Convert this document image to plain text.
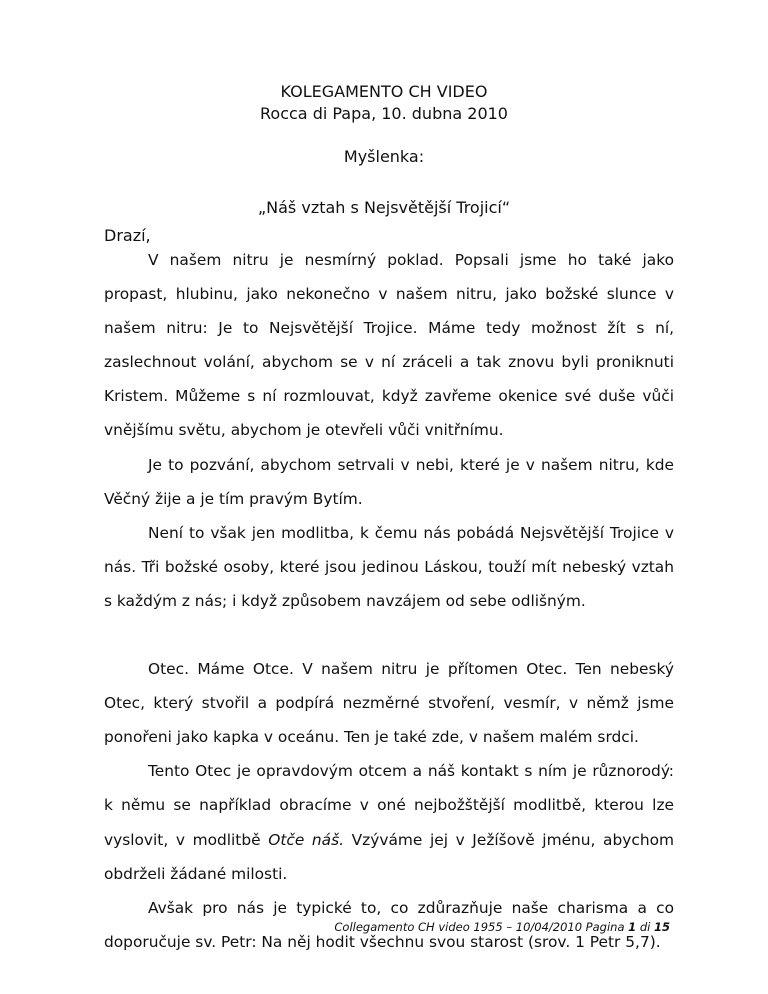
KOLEGAMENTO CH VIDEO
Rocca di Papa, 10. dubna 2010
Myšlenka:
„Náš vztah s Nejsvětější Trojicí“
Drazí,

V našem nitru je nesmírný poklad. Popsali jsme ho také jako propast, hlubinu, jako nekonečno v našem nitru, jako božské slunce v našem nitru: Je to Nejsvětější Trojice. Máme tedy možnost žít s ní, zaslechnout volání, abychom se v ní zráceli a tak znovu byli proniknuti Kristem. Můžeme s ní rozmlouvat, když zavřeme okenice své duše vůči vnějšímu světu, abychom je otevřeli vůči vnitřnímu.

Je to pozvání, abychom setrvali v nebi, které je v našem nitru, kde Věčný žije a je tím pravým Bytím.

Není to však jen modlitba, k čemu nás pobádá Nejsvětější Trojice v nás. Tři božské osoby, které jsou jedinou Láskou, touží mít nebeský vztah s každým z nás; i když způsobem navzájem od sebe odlišným.

Otec. Máme Otce. V našem nitru je přítomen Otec. Ten nebeský Otec, který stvořil a podpírá nezměrné stvoření, vesmír, v němž jsme ponořeni jako kapka v oceánu. Ten je také zde, v našem malém srdci.

Tento Otec je opravdovým otcem a náš kontakt s ním je různorodý: k němu se například obracíme v oné nejbožštější modlitbě, kterou lze vyslovit, v modlitbě Otče náš. Vzýváme jej v Ježíšově jménu, abychom obdrželi žádané milosti.

Avšak pro nás je typické to, co zdůrazňuje naše charisma a co doporučuje sv. Petr: Na něj hodit všechnu svou starost (srov. 1 Petr 5,7).

Collegamento CH video 1955 – 10/04/2010 Pagina 1 di 15
